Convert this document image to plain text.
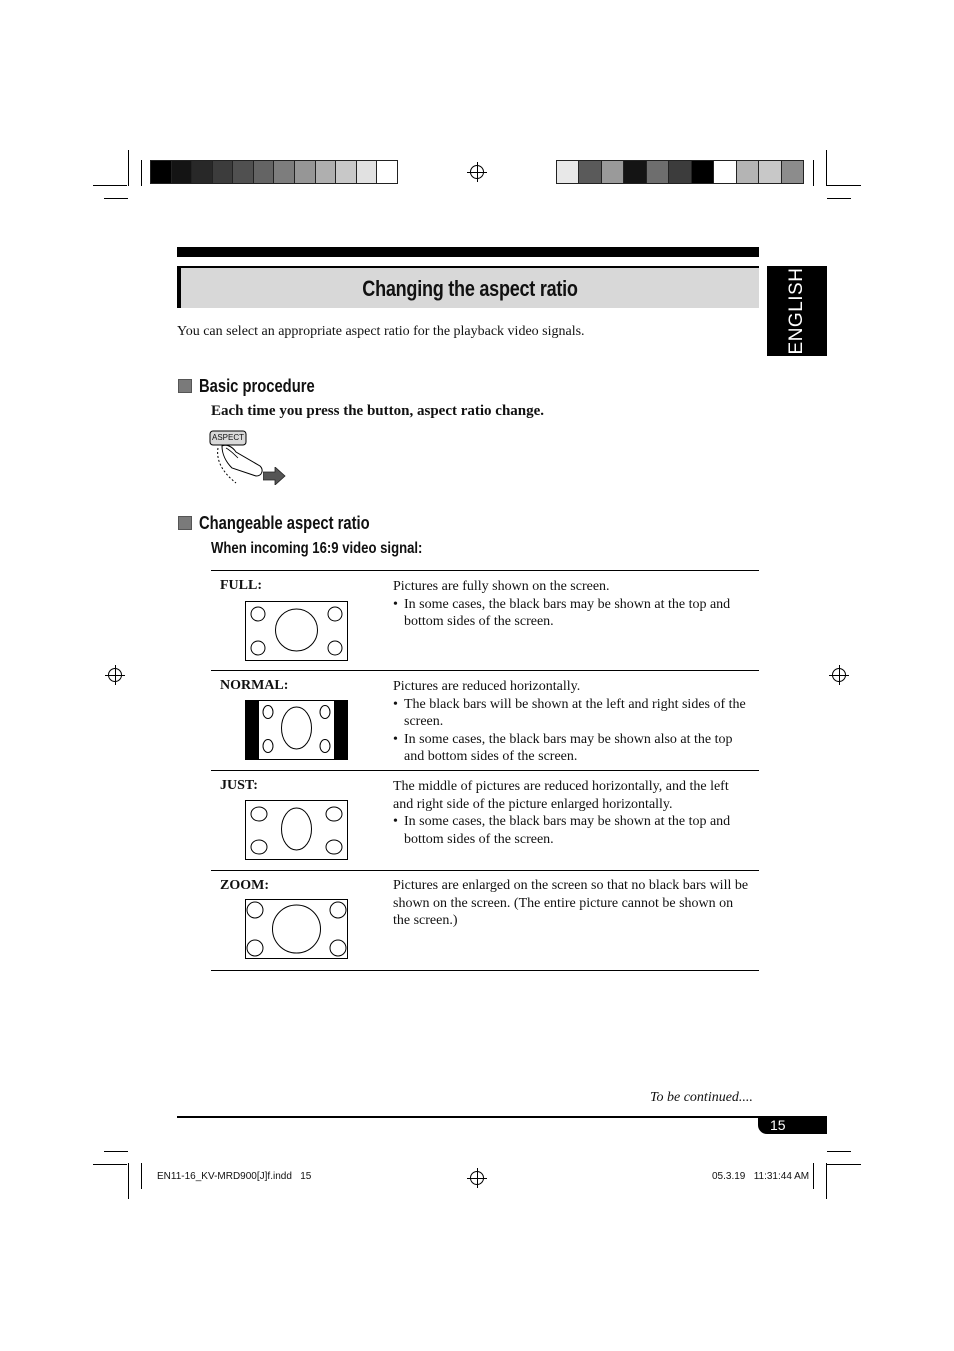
Changing the aspect ratio	ENGLISH
You can select an appropriate aspect ratio for the playback video signals.
Basic procedure
Each time you press the button, aspect ratio change.
ASPECT
Changeable aspect ratio
When incoming 16:9 video signal:
FULL:	Pictures are fully shown on the screen.

• In some cases, the black bars may be shown at the top and bottom sides of the screen.
NORMAL:	Pictures are reduced horizontally.

• The black bars will be shown at the left and right sides of the screen.
• In some cases, the black bars may be shown also at the top and bottom sides of the screen.
JUST:	The middle of pictures are reduced horizontally, and the left and right side of the picture enlarged horizontally.

• In some cases, the black bars may be shown at the top and bottom sides of the screen.
ZOOM:	Pictures are enlarged on the screen so that no black bars will be shown on the screen. (The entire picture cannot be shown on the screen.)

To be continued....
15
EN11-16_KV-MRD900[J]f.indd   15	05.3.19   11:31:44 AM
